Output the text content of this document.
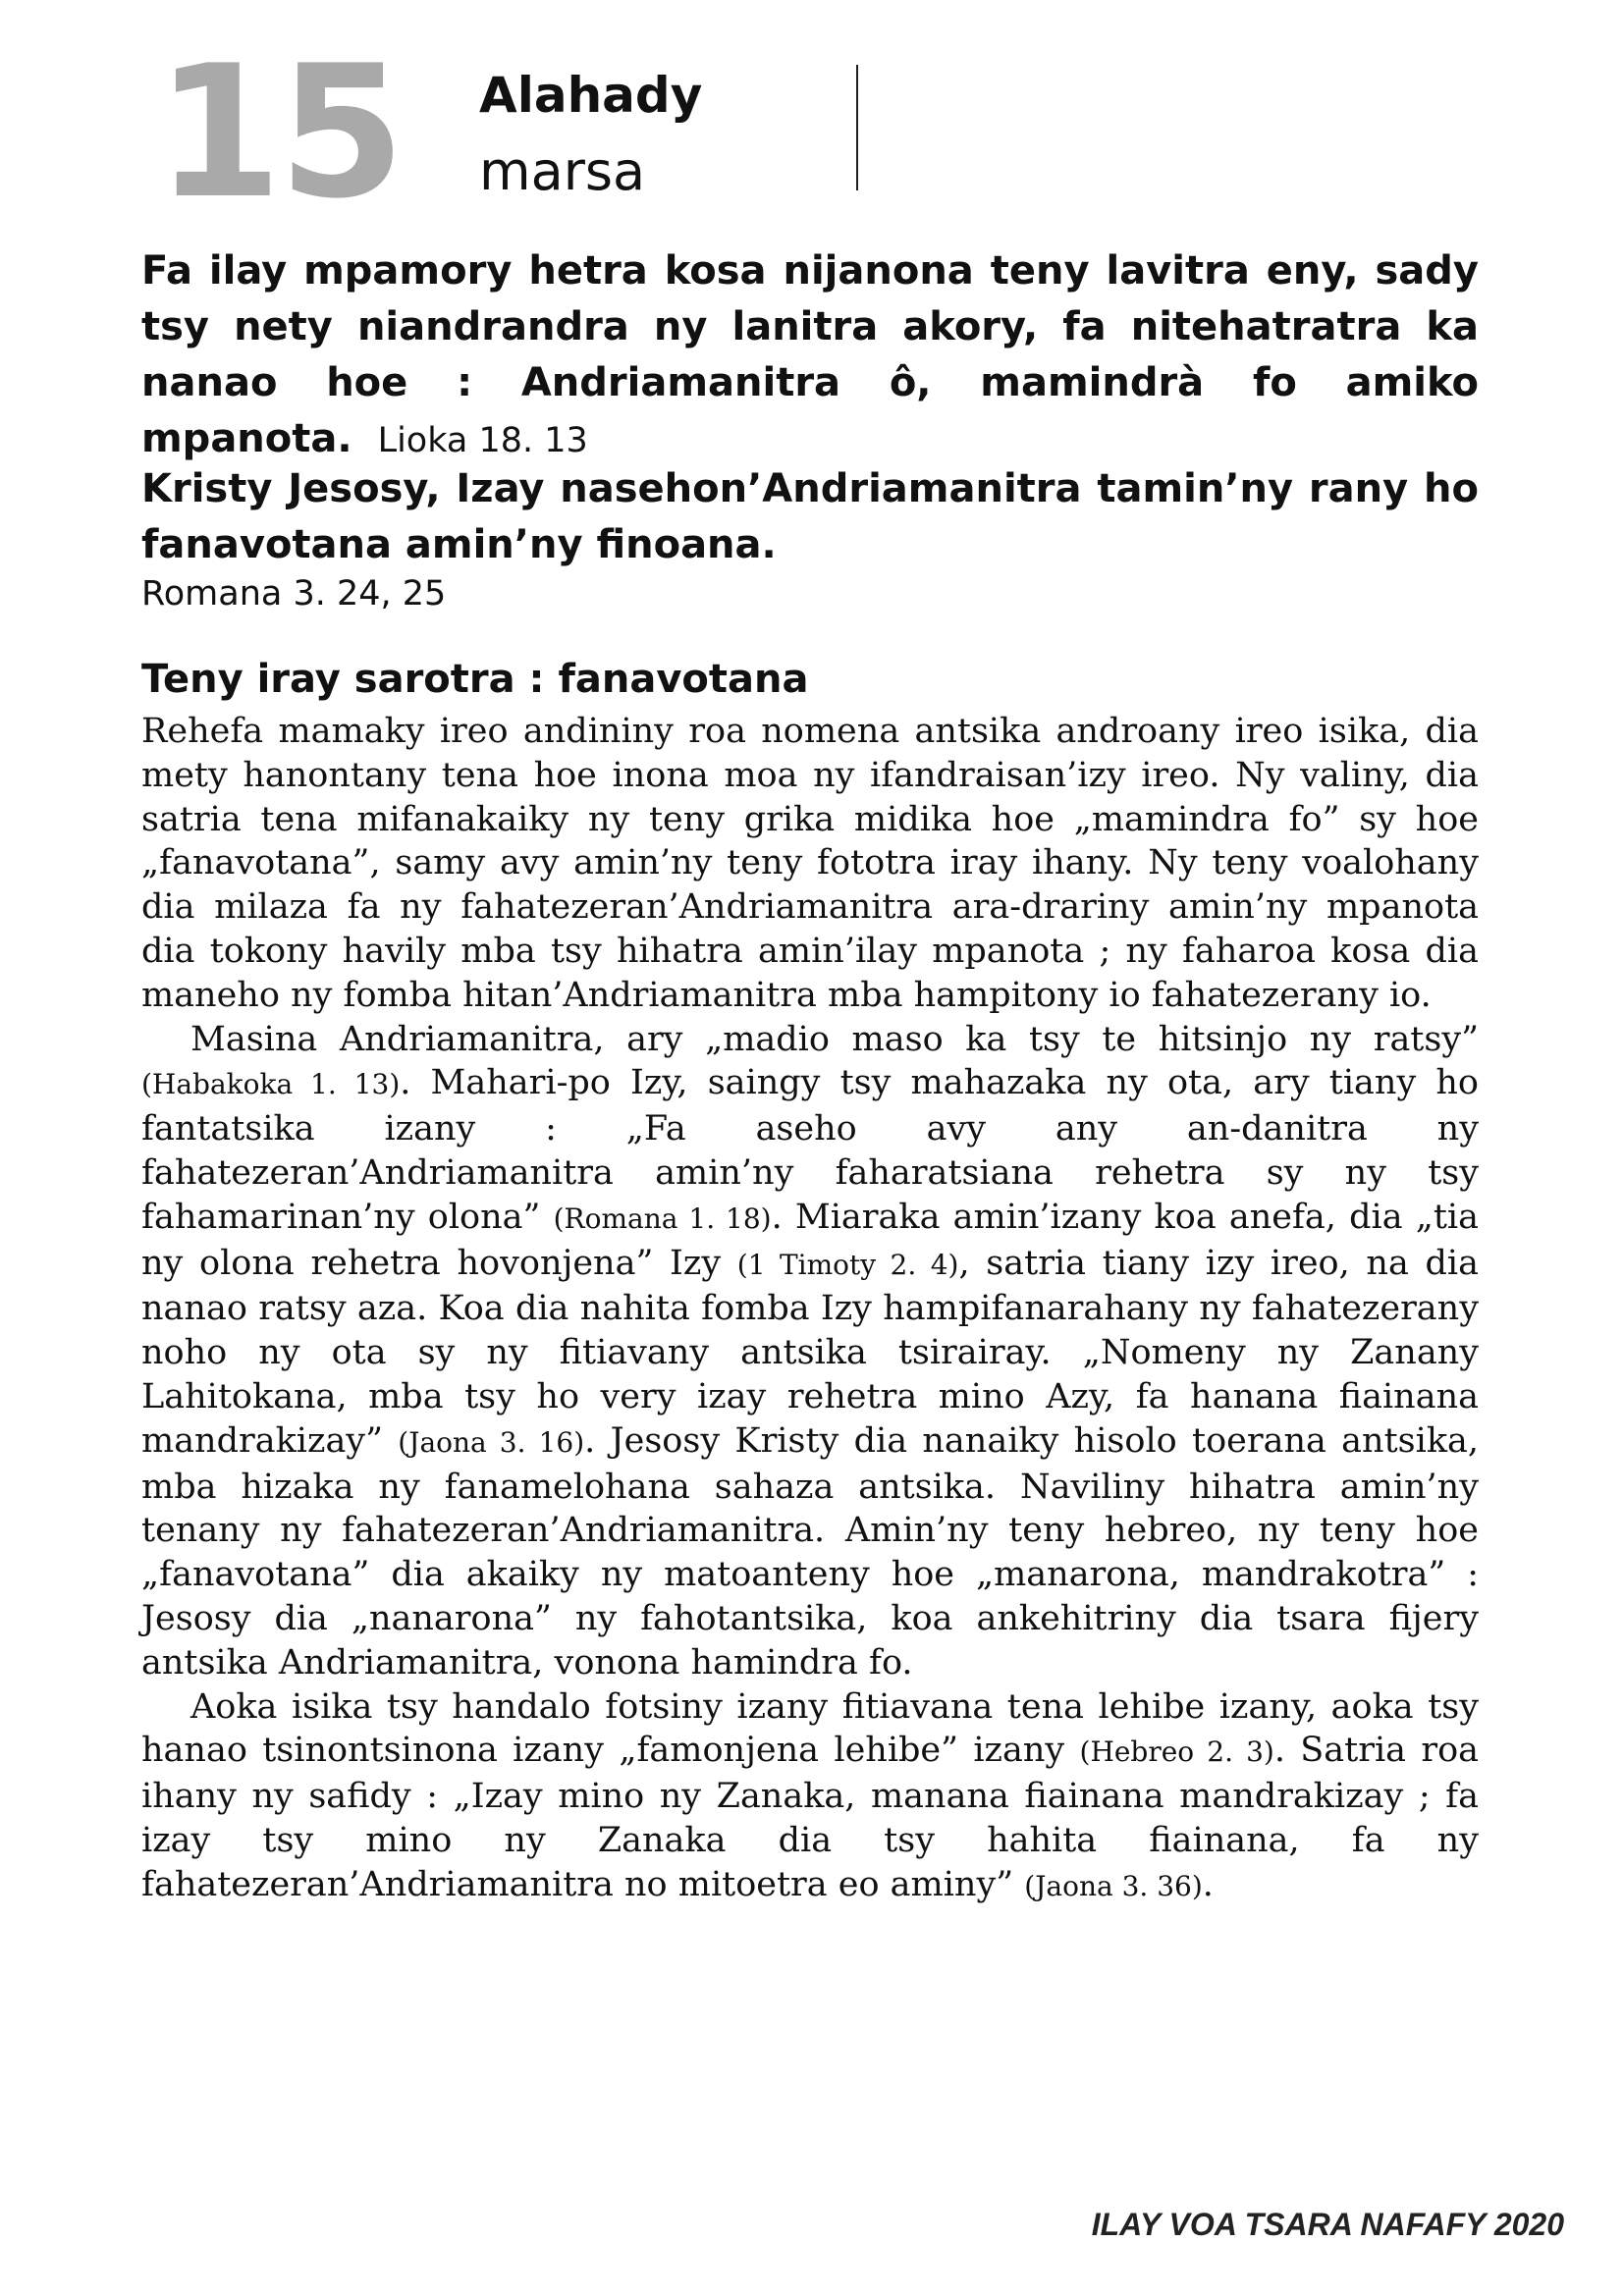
15 Alahady
marsa
Fa ilay mpamory hetra kosa nijanona teny lavitra eny, sady tsy nety niandrandra ny lanitra akory, fa nitehatratra ka nanao hoe : Andriamanitra ô, mamindrà fo amiko mpanota. Lioka 18. 13
Kristy Jesosy, Izay nasehon’Andriamanitra tamin’ny rany ho fanavotana amin’ny finoana.
Romana 3. 24, 25
Teny iray sarotra : fanavotana

Rehefa mamaky ireo andininy roa nomena antsika androany ireo isika, dia mety hanontany tena hoe inona moa ny ifandraisan’izy ireo. Ny valiny, dia satria tena mifanakaiky ny teny grika midika hoe „mamindra fo” sy hoe „fanavotana”, samy avy amin’ny teny fototra iray ihany. Ny teny voalohany dia milaza fa ny fahatezeran’Andriamanitra ara-drariny amin’ny mpanota dia tokony havily mba tsy hihatra amin’ilay mpanota ; ny faharoa kosa dia maneho ny fomba hitan’Andriamanitra mba hampitony io fahatezerany io.

Masina Andriamanitra, ary „madio maso ka tsy te hitsinjo ny ratsy” (Habakoka 1. 13). Mahari-po Izy, saingy tsy mahazaka ny ota, ary tiany ho fantatsika izany : „Fa aseho avy any an-danitra ny fahatezeran’Andriamanitra amin’ny faharatsiana rehetra sy ny tsy fahamarinan’ny olona” (Romana 1. 18). Miaraka amin’izany koa anefa, dia „tia ny olona rehetra hovonjena” Izy (1 Timoty 2. 4), satria tiany izy ireo, na dia nanao ratsy aza. Koa dia nahita fomba Izy hampifanarahany ny fahatezerany noho ny ota sy ny fitiavany antsika tsirairay. „Nomeny ny Zanany Lahitokana, mba tsy ho very izay rehetra mino Azy, fa hanana fiainana mandrakizay” (Jaona 3. 16). Jesosy Kristy dia nanaiky hisolo toerana antsika, mba hizaka ny fanamelohana sahaza antsika. Naviliny hihatra amin’ny tenany ny fahatezeran’Andriamanitra. Amin’ny teny hebreo, ny teny hoe „fanavotana” dia akaiky ny matoanteny hoe „manarona, mandrakotra” : Jesosy dia „nanarona” ny fahotantsika, koa ankehitriny dia tsara fijery antsika Andriamanitra, vonona hamindra fo.

Aoka isika tsy handalo fotsiny izany fitiavana tena lehibe izany, aoka tsy hanao tsinontsinona izany „famonjena lehibe” izany (Hebreo 2. 3). Satria roa ihany ny safidy : „Izay mino ny Zanaka, manana fiainana mandrakizay ; fa izay tsy mino ny Zanaka dia tsy hahita fiainana, fa ny fahatezeran’Andriamanitra no mitoetra eo aminy” (Jaona 3. 36).

ILAY VOA TSARA NAFAFY 2020
